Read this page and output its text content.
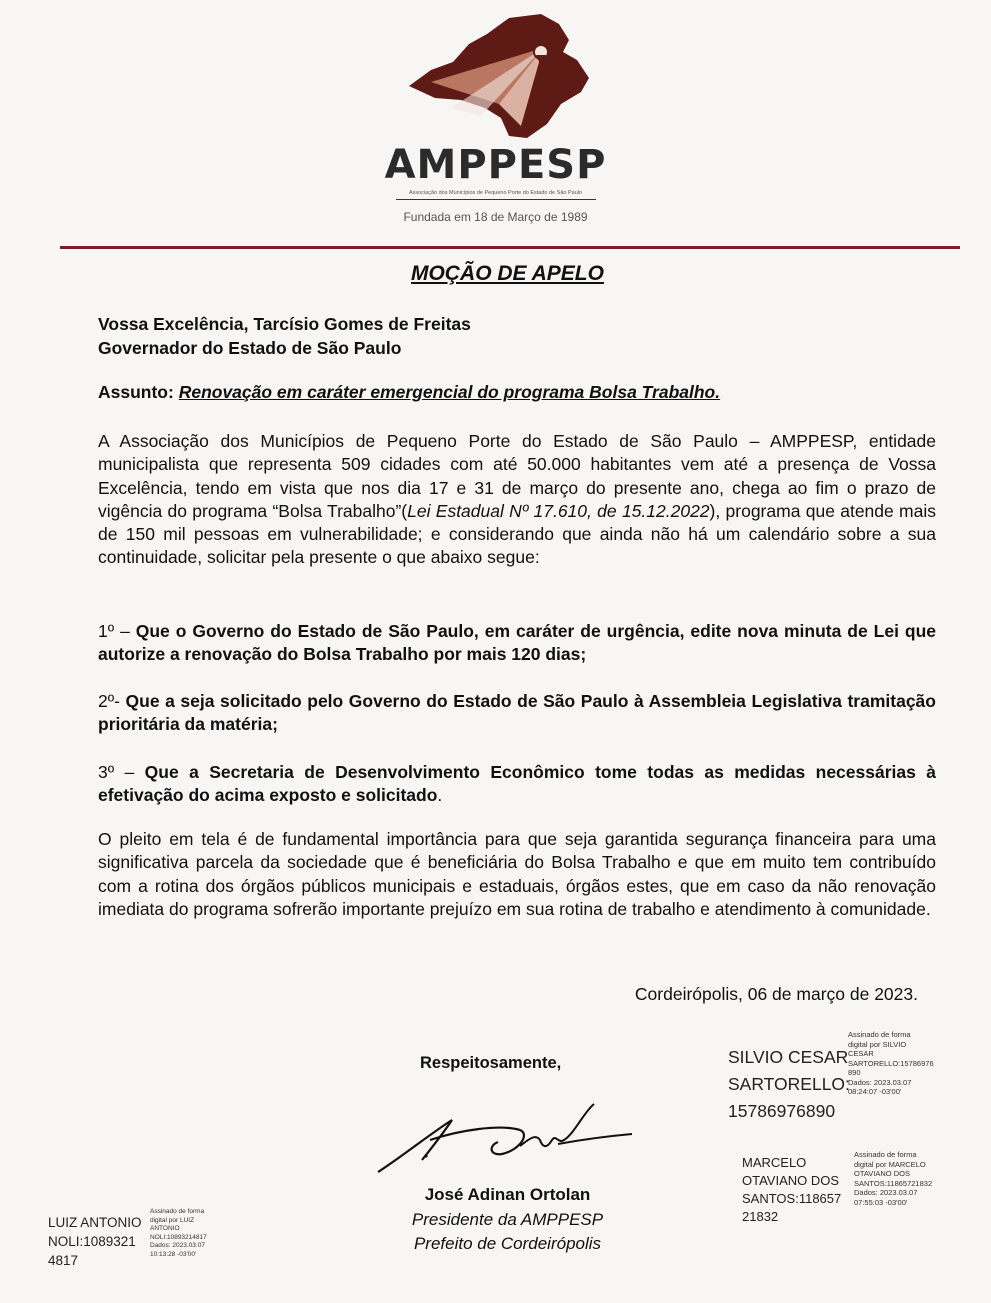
AMPPESP
Associação dos Municípios de Pequeno Porte do Estado de São Paulo
Fundada em 18 de Março de 1989
MOÇÃO DE APELO
Vossa Excelência, Tarcísio Gomes de Freitas
Governador do Estado de São Paulo
Assunto: Renovação em caráter emergencial do programa Bolsa Trabalho.
A Associação dos Municípios de Pequeno Porte do Estado de São Paulo – AMPPESP, entidade municipalista que representa 509 cidades com até 50.000 habitantes vem até a presença de Vossa Excelência, tendo em vista que nos dia 17 e 31 de março do presente ano, chega ao fim o prazo de vigência do programa “Bolsa Trabalho”(Lei Estadual Nº 17.610, de 15.12.2022), programa que atende mais de 150 mil pessoas em vulnerabilidade; e considerando que ainda não há um calendário sobre a sua continuidade, solicitar pela presente o que abaixo segue:
1º – Que o Governo do Estado de São Paulo, em caráter de urgência, edite nova minuta de Lei que autorize a renovação do Bolsa Trabalho por mais 120 dias;
2º- Que a seja solicitado pelo Governo do Estado de São Paulo à Assembleia Legislativa tramitação prioritária da matéria;
3º – Que a Secretaria de Desenvolvimento Econômico tome todas as medidas necessárias à efetivação do acima exposto e solicitado.
O pleito em tela é de fundamental importância para que seja garantida segurança financeira para uma significativa parcela da sociedade que é beneficiária do Bolsa Trabalho e que em muito tem contribuído com a rotina dos órgãos públicos municipais e estaduais, órgãos estes, que em caso da não renovação imediata do programa sofrerão importante prejuízo em sua rotina de trabalho e atendimento à comunidade.
Cordeirópolis, 06 de março de 2023.
Respeitosamente,
José Adinan Ortolan
Presidente da AMPPESP
Prefeito de Cordeirópolis
SILVIO CESAR
SARTORELLO:
15786976890
Assinado de forma
digital por SILVIO
CESAR
SARTORELLO:15786976
890
Dados: 2023.03.07
08:24:07 -03'00'
MARCELO
OTAVIANO DOS
SANTOS:118657
21832
Assinado de forma
digital por MARCELO
OTAVIANO DOS
SANTOS:11865721832
Dados: 2023.03.07
07:55:03 -03'00'
LUIZ ANTONIO
NOLI:1089321
4817
Assinado de forma
digital por LUIZ
ANTONIO
NOLI:10893214817
Dados: 2023.03.07
10:13:28 -03'00'
